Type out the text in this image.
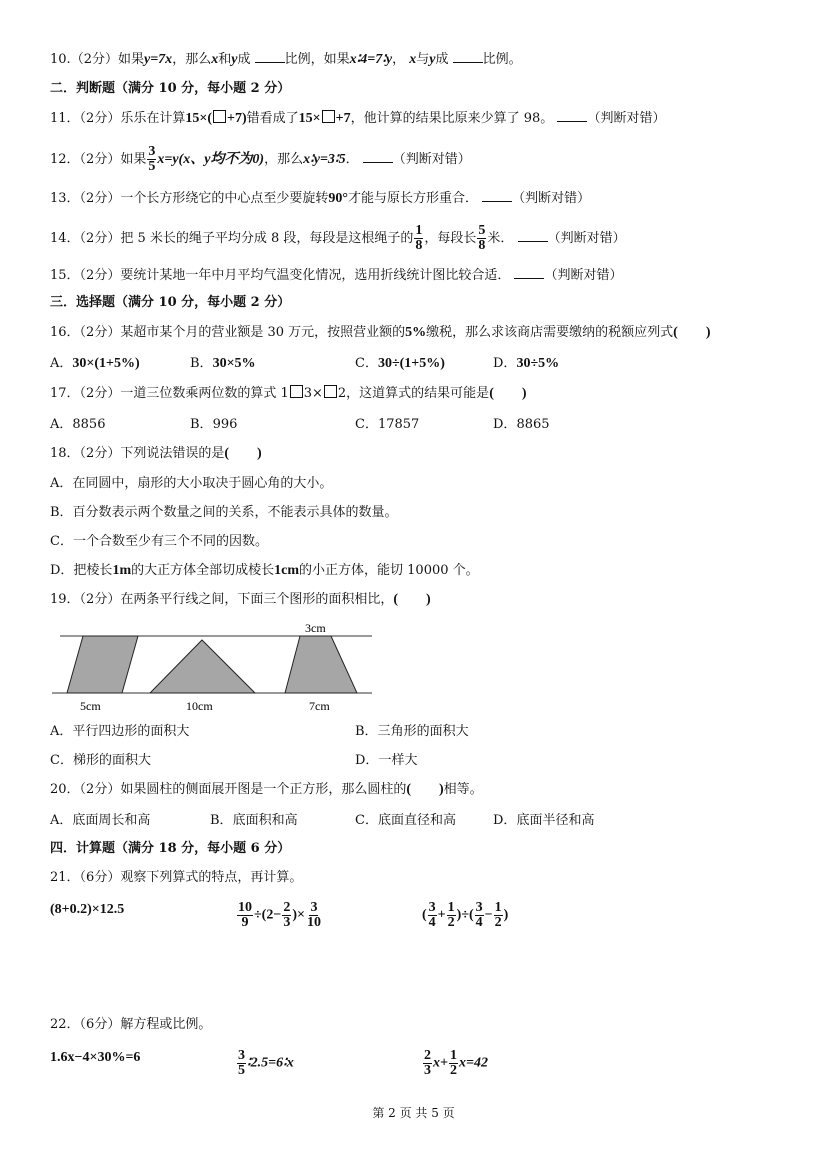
10.（2分）如果y=7x，那么x和y成	比例，如果x∶4=7∶y， x与y成	比例。
二．判断题（满分 10 分，每小题 2 分）
11．（2分）乐乐在计算15×( +7)错看成了15× +7，他计算的结果比原来少算了 98。	（判断对错）
12．（2分）如果 $\frac{3}{5} x=y(x$、y均不为0)，那么x∶y=3∶5．	（判断对错）
13．（2分）一个长方形绕它的中心点至少要旋转90°才能与原长方形重合．	（判断对错）
14．（2分）把 5 米长的绳子平均分成 8 段，每段是这根绳子的 $\frac{1}{8}$ ，每段长 $\frac{5}{8}$ 米．	（判断对错）
15．（2分）要统计某地一年中月平均气温变化情况，选用折线统计图比较合适．	（判断对错）
三．选择题（满分 10 分，每小题 2 分）
16．（2分）某超市某个月的营业额是 30 万元，按照营业额的5%缴税，那么求该商店需要缴纳的税额应列式(　　)
A．30×(1+5%)	B．30×5%	C．30÷(1+5%)	D．30÷5%
17．（2分）一道三位数乘两位数的算式 1 3× 2，这道算式的结果可能是(　　)
A．8856	B．996	C．17857	D．8865
18．（2分）下列说法错误的是(　　)
A．在同圆中，扇形的大小取决于圆心角的大小。
B．百分数表示两个数量之间的关系，不能表示具体的数量。
C．一个合数至少有三个不同的因数。
D．把棱长1m的大正方体全部切成棱长1cm的小正方体，能切 10000 个。
19．（2分）在两条平行线之间，下面三个图形的面积相比，(　　)
3cm
5cm	10cm	7cm
A．平行四边形的面积大	B．三角形的面积大
C．梯形的面积大	D．一样大
20．（2分）如果圆柱的侧面展开图是一个正方形，那么圆柱的(　　)相等。
A．底面周长和高	B．底面积和高	C．底面直径和高	D．底面半径和高
四．计算题（满分 18 分，每小题 6 分）
21．（6分）观察下列算式的特点，再计算。
(8+0.2)×12.5	$\frac{10}{9} \div(2- \frac{2}{3}$ )× $\frac{3}{10}$	( $\frac{3}{4} + \frac{1}{2}$ )÷( $\frac{3}{4} - \frac{1}{2}$ )
22．（6分）解方程或比例。
1.6x−4×30%=6	$\frac{3}{5}$ ∶2.5=6∶x	$\frac{2}{3} x+ \frac{1}{2} x=42$
第 2 页 共 5 页
